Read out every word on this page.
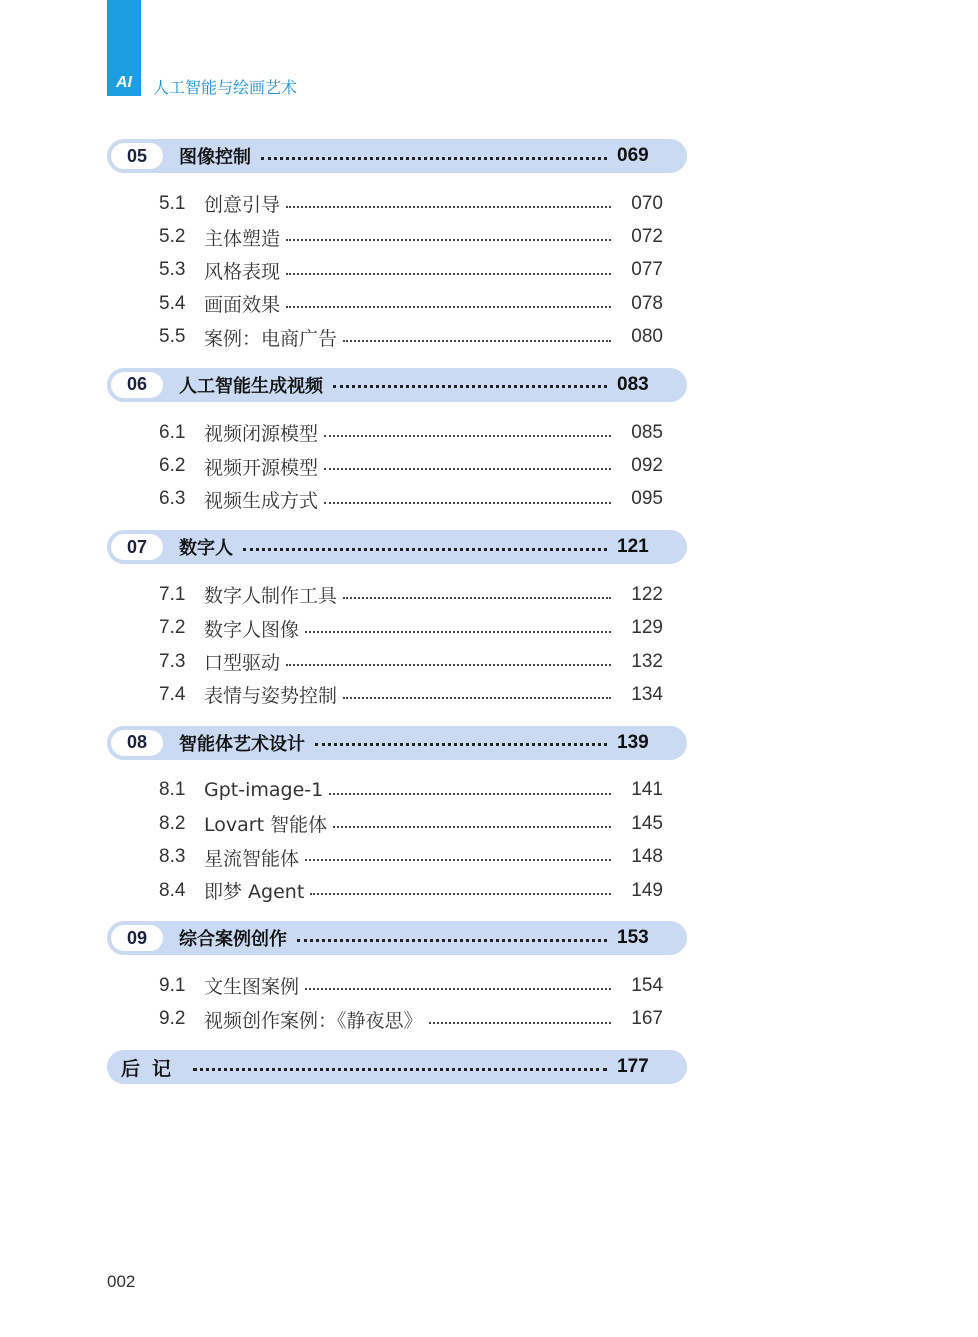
AI	人工智能与绘画艺术
05	图像控制	069
5.1 创意引导	070
5.2 主体塑造	072
5.3 风格表现	077
5.4 画面效果	078
5.5 案例：电商广告	080
06	人工智能生成视频	083
6.1 视频闭源模型	085
6.2 视频开源模型	092
6.3 视频生成方式	095
07	数字人	121
7.1 数字人制作工具	122
7.2 数字人图像	129
7.3 口型驱动	132
7.4 表情与姿势控制	134
08	智能体艺术设计	139
8.1 Gpt-image-1	141
8.2 Lovart 智能体	145
8.3 星流智能体	148
8.4 即梦 Agent	149
09	综合案例创作	153
9.1 文生图案例	154
9.2 视频创作案例：《静夜思》	167
后记	177
002
